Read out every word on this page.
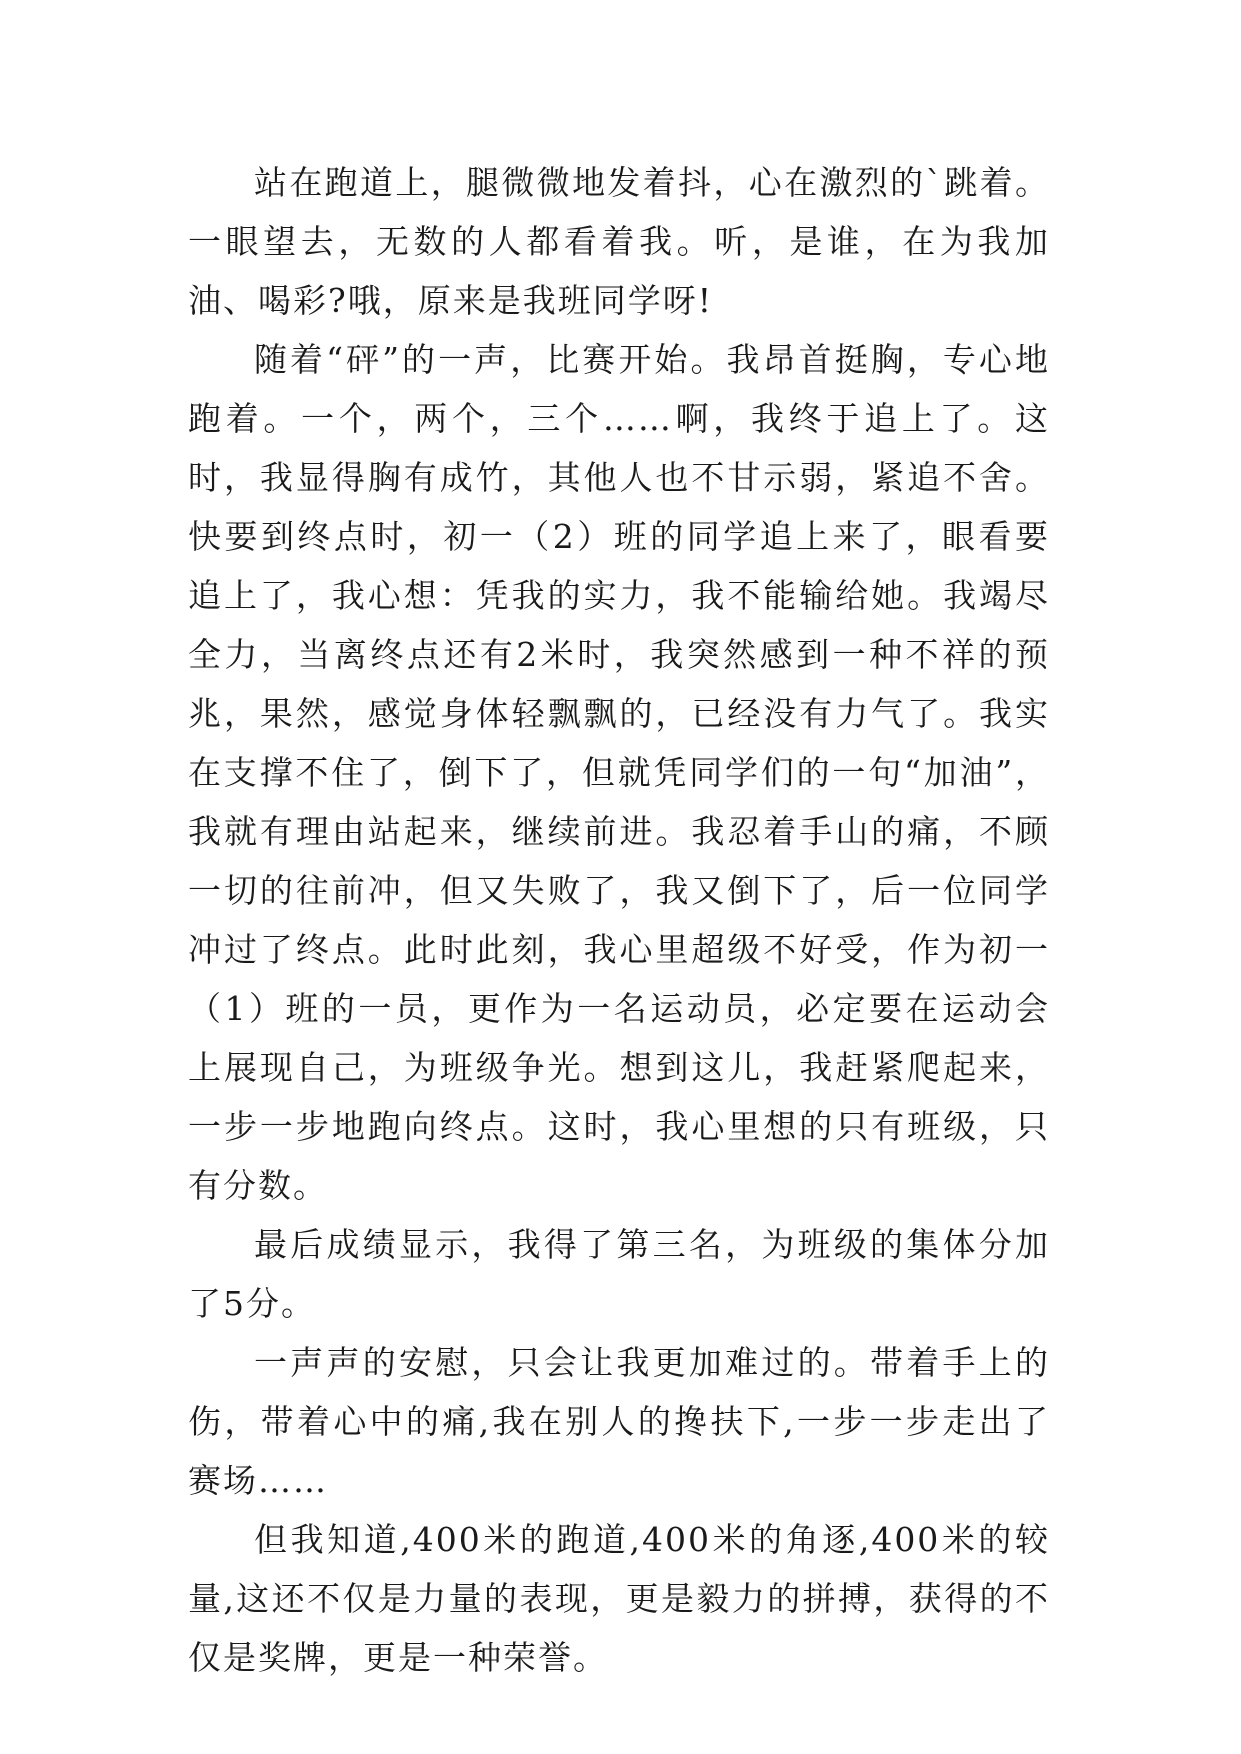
站在跑道上，腿微微地发着抖，心在激烈的`跳着。一眼望去，无数的人都看着我。听，是谁，在为我加油、喝彩?哦，原来是我班同学呀!

随着“砰”的一声，比赛开始。我昂首挺胸，专心地跑着。一个，两个，三个……啊，我终于追上了。这时，我显得胸有成竹，其他人也不甘示弱，紧追不舍。快要到终点时，初一（2）班的同学追上来了，眼看要追上了，我心想：凭我的实力，我不能输给她。我竭尽全力，当离终点还有2米时，我突然感到一种不祥的预兆，果然，感觉身体轻飘飘的，已经没有力气了。我实在支撑不住了，倒下了，但就凭同学们的一句“加油”，我就有理由站起来，继续前进。我忍着手山的痛，不顾一切的往前冲，但又失败了，我又倒下了，后一位同学冲过了终点。此时此刻，我心里超级不好受，作为初一（1）班的一员，更作为一名运动员，必定要在运动会上展现自己，为班级争光。想到这儿，我赶紧爬起来，一步一步地跑向终点。这时，我心里想的只有班级，只有分数。

最后成绩显示，我得了第三名，为班级的集体分加了5分。

一声声的安慰，只会让我更加难过的。带着手上的伤，带着心中的痛,我在别人的搀扶下,一步一步走出了赛场……

但我知道,400米的跑道,400米的角逐,400米的较量,这还不仅是力量的表现，更是毅力的拼搏，获得的不仅是奖牌，更是一种荣誉。
